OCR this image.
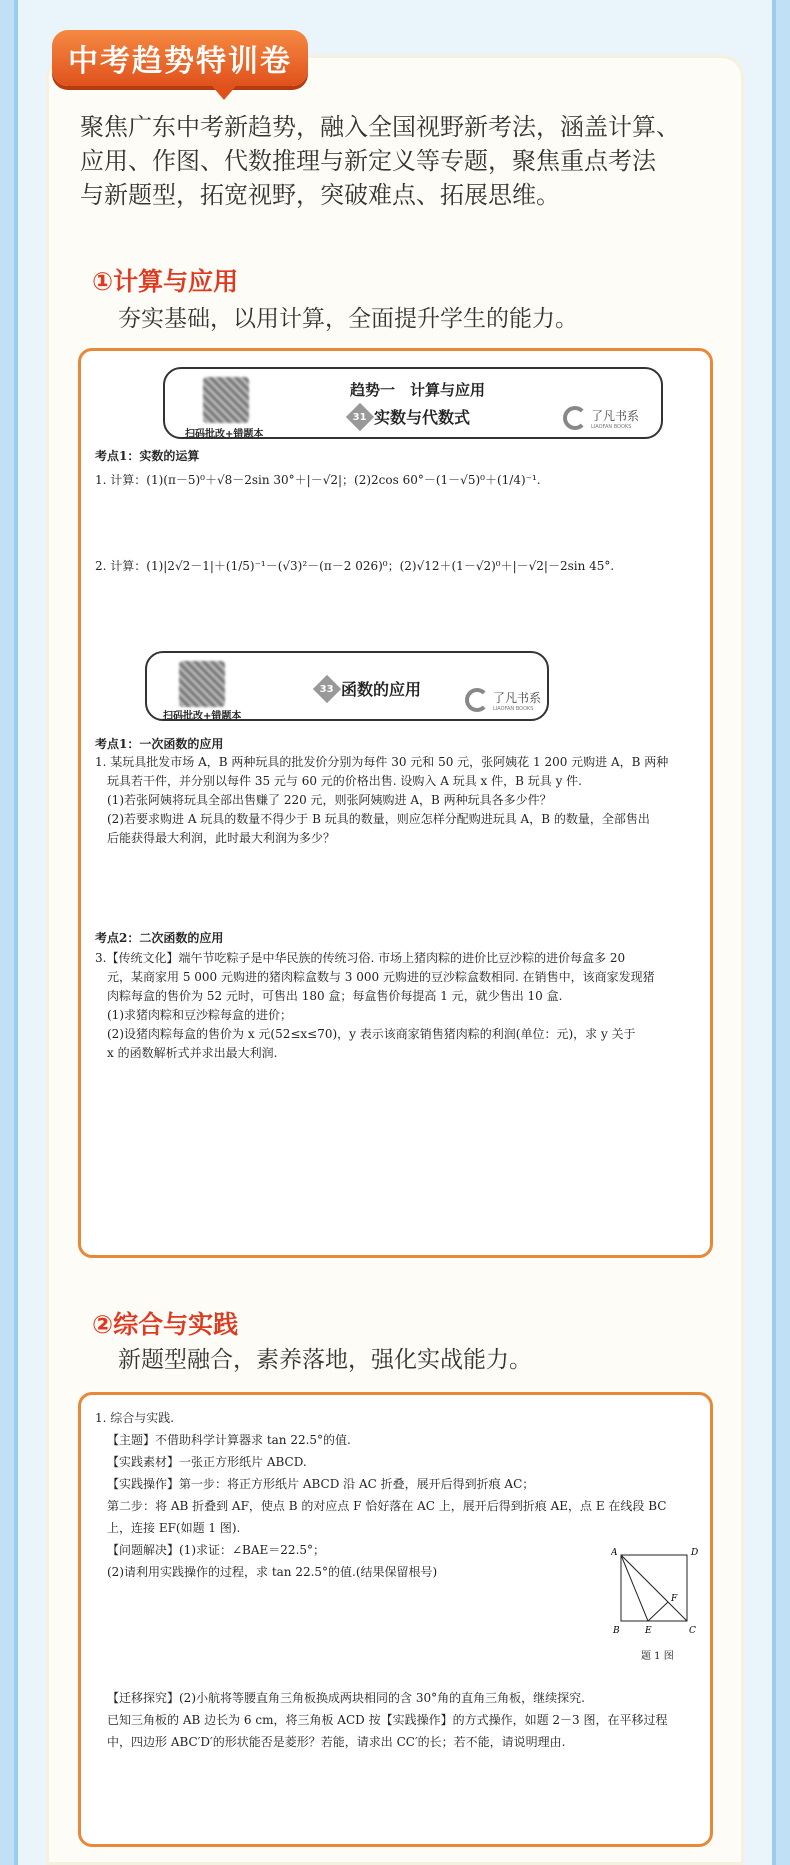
中考趋势特训卷
聚焦广东中考新趋势，融入全国视野新考法，涵盖计算、
应用、作图、代数推理与新定义等专题，聚焦重点考法
与新题型，拓宽视野，突破难点、拓展思维。
①计算与应用
夯实基础，以用计算，全面提升学生的能力。
扫码批改+错题本
趋势一　计算与应用
31 实数与代数式	了凡书系
LIAOFAN BOOKS
考点1：实数的运算
1. 计算：(1)(π－5)⁰＋√8－2sin 30°＋|－√2|；(2)2cos 60°－(1－√5)⁰＋(1/4)⁻¹.
2. 计算：(1)|2√2－1|＋(1/5)⁻¹－(√3)²－(π－2 026)⁰；(2)√12＋(1－√2)⁰＋|－√2|－2sin 45°.
扫码批改+错题本
33 函数的应用	了凡书系
LIAOFAN BOOKS
考点1：一次函数的应用
1. 某玩具批发市场 A，B 两种玩具的批发价分别为每件 30 元和 50 元，张阿姨花 1 200 元购进 A，B 两种
玩具若干件，并分别以每件 35 元与 60 元的价格出售. 设购入 A 玩具 x 件，B 玩具 y 件.
(1)若张阿姨将玩具全部出售赚了 220 元，则张阿姨购进 A，B 两种玩具各多少件？
(2)若要求购进 A 玩具的数量不得少于 B 玩具的数量，则应怎样分配购进玩具 A，B 的数量，全部售出
后能获得最大利润，此时最大利润为多少？
考点2：二次函数的应用
3.【传统文化】端午节吃粽子是中华民族的传统习俗. 市场上猪肉粽的进价比豆沙粽的进价每盒多 20
元，某商家用 5 000 元购进的猪肉粽盒数与 3 000 元购进的豆沙粽盒数相同. 在销售中，该商家发现猪
肉粽每盒的售价为 52 元时，可售出 180 盒；每盒售价每提高 1 元，就少售出 10 盒.
(1)求猪肉粽和豆沙粽每盒的进价；
(2)设猪肉粽每盒的售价为 x 元(52≤x≤70)，y 表示该商家销售猪肉粽的利润(单位：元)，求 y 关于
x 的函数解析式并求出最大利润.
②综合与实践
新题型融合，素养落地，强化实战能力。
1. 综合与实践.
【主题】不借助科学计算器求 tan 22.5°的值.
【实践素材】一张正方形纸片 ABCD.
【实践操作】第一步：将正方形纸片 ABCD 沿 AC 折叠，展开后得到折痕 AC；
第二步：将 AB 折叠到 AF，使点 B 的对应点 F 恰好落在 AC 上，展开后得到折痕 AE，点 E 在线段 BC
上，连接 EF(如题 1 图).
【问题解决】(1)求证：∠BAE＝22.5°；
(2)请利用实践操作的过程，求 tan 22.5°的值.(结果保留根号)
A	D
B	E	C
F
题 1 图
【迁移探究】(2)小航将等腰直角三角板换成两块相同的含 30°角的直角三角板，继续探究.
已知三角板的 AB 边长为 6 cm，将三角板 ACD 按【实践操作】的方式操作，如题 2－3 图，在平移过程
中，四边形 ABC′D′的形状能否是菱形？若能，请求出 CC′的长；若不能，请说明理由.
